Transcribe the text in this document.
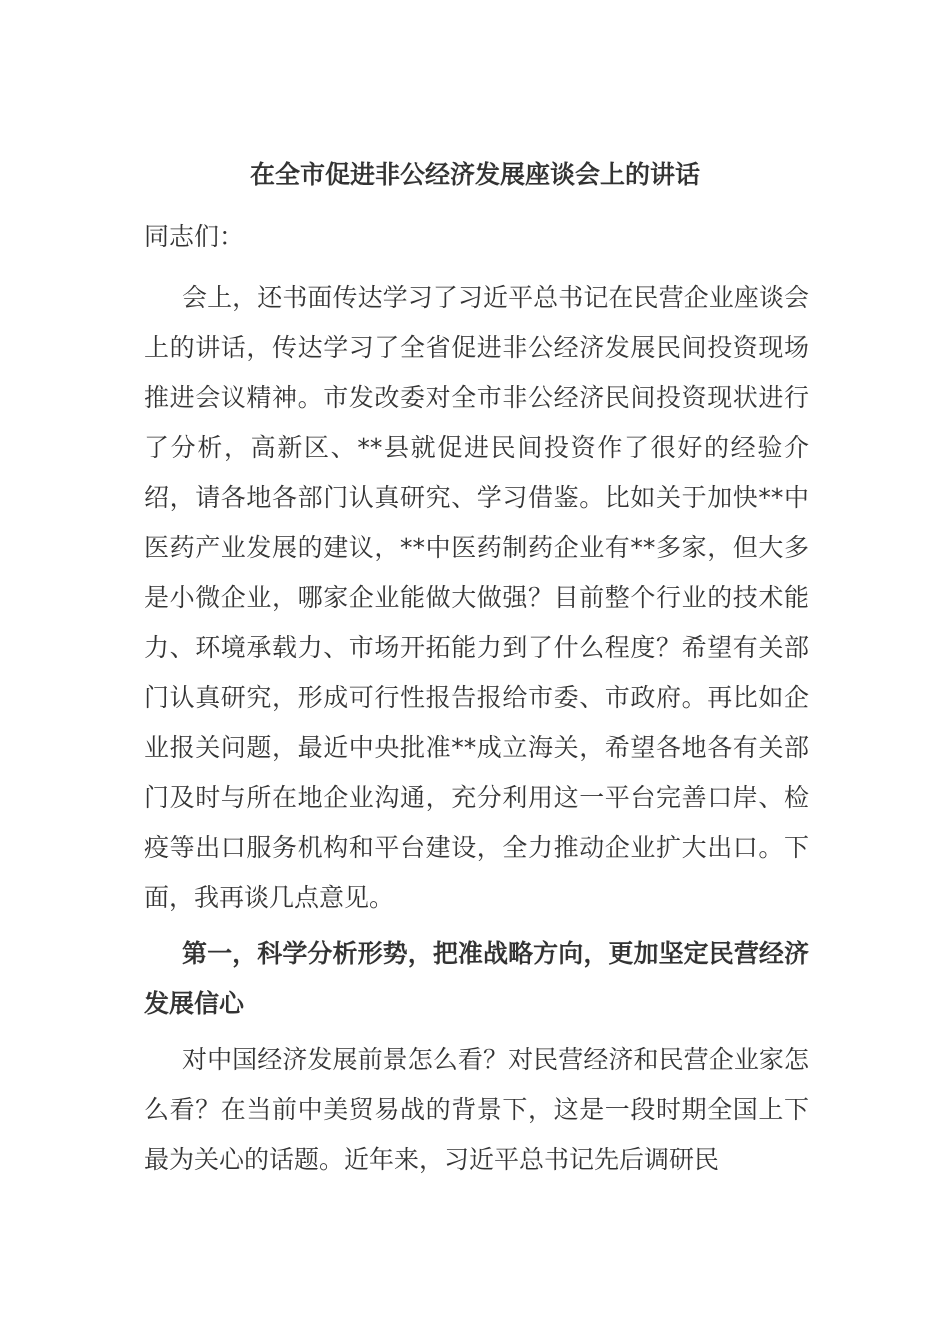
在全市促进非公经济发展座谈会上的讲话

同志们：

会上，还书面传达学习了习近平总书记在民营企业座谈会上的讲话，传达学习了全省促进非公经济发展民间投资现场推进会议精神。市发改委对全市非公经济民间投资现状进行了分析，高新区、**县就促进民间投资作了很好的经验介绍，请各地各部门认真研究、学习借鉴。比如关于加快**中医药产业发展的建议，**中医药制药企业有**多家，但大多是小微企业，哪家企业能做大做强？目前整个行业的技术能力、环境承载力、市场开拓能力到了什么程度？希望有关部门认真研究，形成可行性报告报给市委、市政府。再比如企业报关问题，最近中央批准**成立海关，希望各地各有关部门及时与所在地企业沟通，充分利用这一平台完善口岸、检疫等出口服务机构和平台建设，全力推动企业扩大出口。下面，我再谈几点意见。

第一，科学分析形势，把准战略方向，更加坚定民营经济发展信心

对中国经济发展前景怎么看？对民营经济和民营企业家怎么看？在当前中美贸易战的背景下，这是一段时期全国上下最为关心的话题。近年来，习近平总书记先后调研民
